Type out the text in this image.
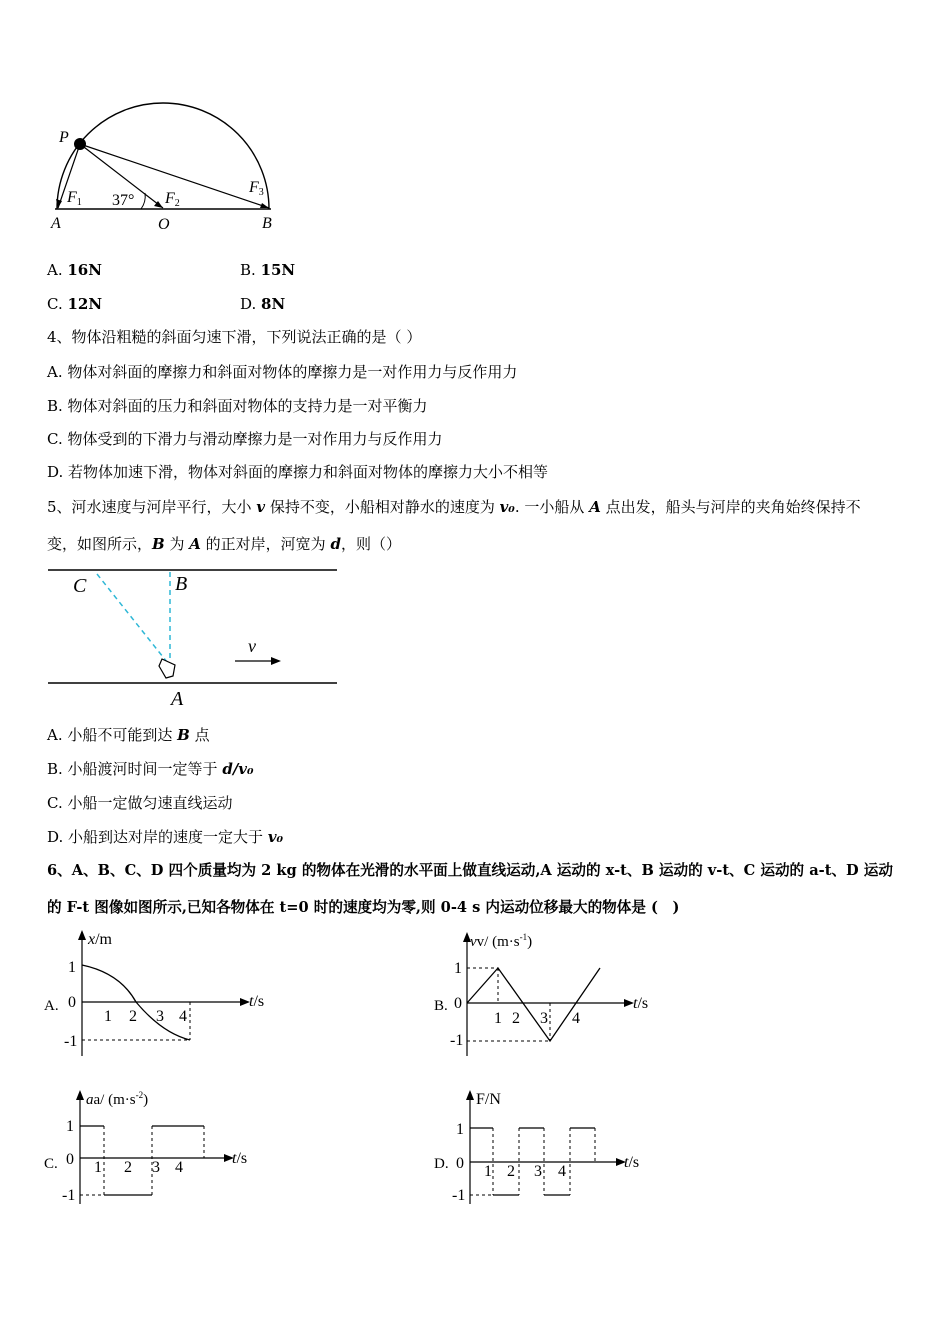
P
A	O	B
F1	F2
F3
37°
A. 16N	B. 15N
C. 12N	D. 8N
4、物体沿粗糙的斜面匀速下滑，下列说法正确的是（ ）
A. 物体对斜面的摩擦力和斜面对物体的摩擦力是一对作用力与反作用力
B. 物体对斜面的压力和斜面对物体的支持力是一对平衡力
C. 物体受到的下滑力与滑动摩擦力是一对作用力与反作用力
D. 若物体加速下滑，物体对斜面的摩擦力和斜面对物体的摩擦力大小不相等
5、河水速度与河岸平行，大小 v 保持不变，小船相对静水的速度为 v₀. 一小船从 A 点出发，船头与河岸的夹角始终保持不
变，如图所示，B 为 A 的正对岸，河宽为 d，则（）
C	B
A
v
A. 小船不可能到达 B 点
B. 小船渡河时间一定等于 d/v₀
C. 小船一定做匀速直线运动
D. 小船到达对岸的速度一定大于 v₀
6、A、B、C、D 四个质量均为 2 kg 的物体在光滑的水平面上做直线运动,A 运动的 x-t、B 运动的 v-t、C 运动的 a-t、D 运动
的 F-t 图像如图所示,已知各物体在 t=0 时的速度均为零,则 0-4 s 内运动位移最大的物体是 (　)
A.
x/m
t/s
1
0
-1
1 2 3 4
B.
vv/ $(m\cdot s^{-1})$
t/s
1
0
-1
1 2 3 4
C.
aa/ $(m\cdot s^{-2})$
t/s
1
0
-1
1 2 3 4	D.
F/N
t/s
1
0
-1
1 2 3 4
